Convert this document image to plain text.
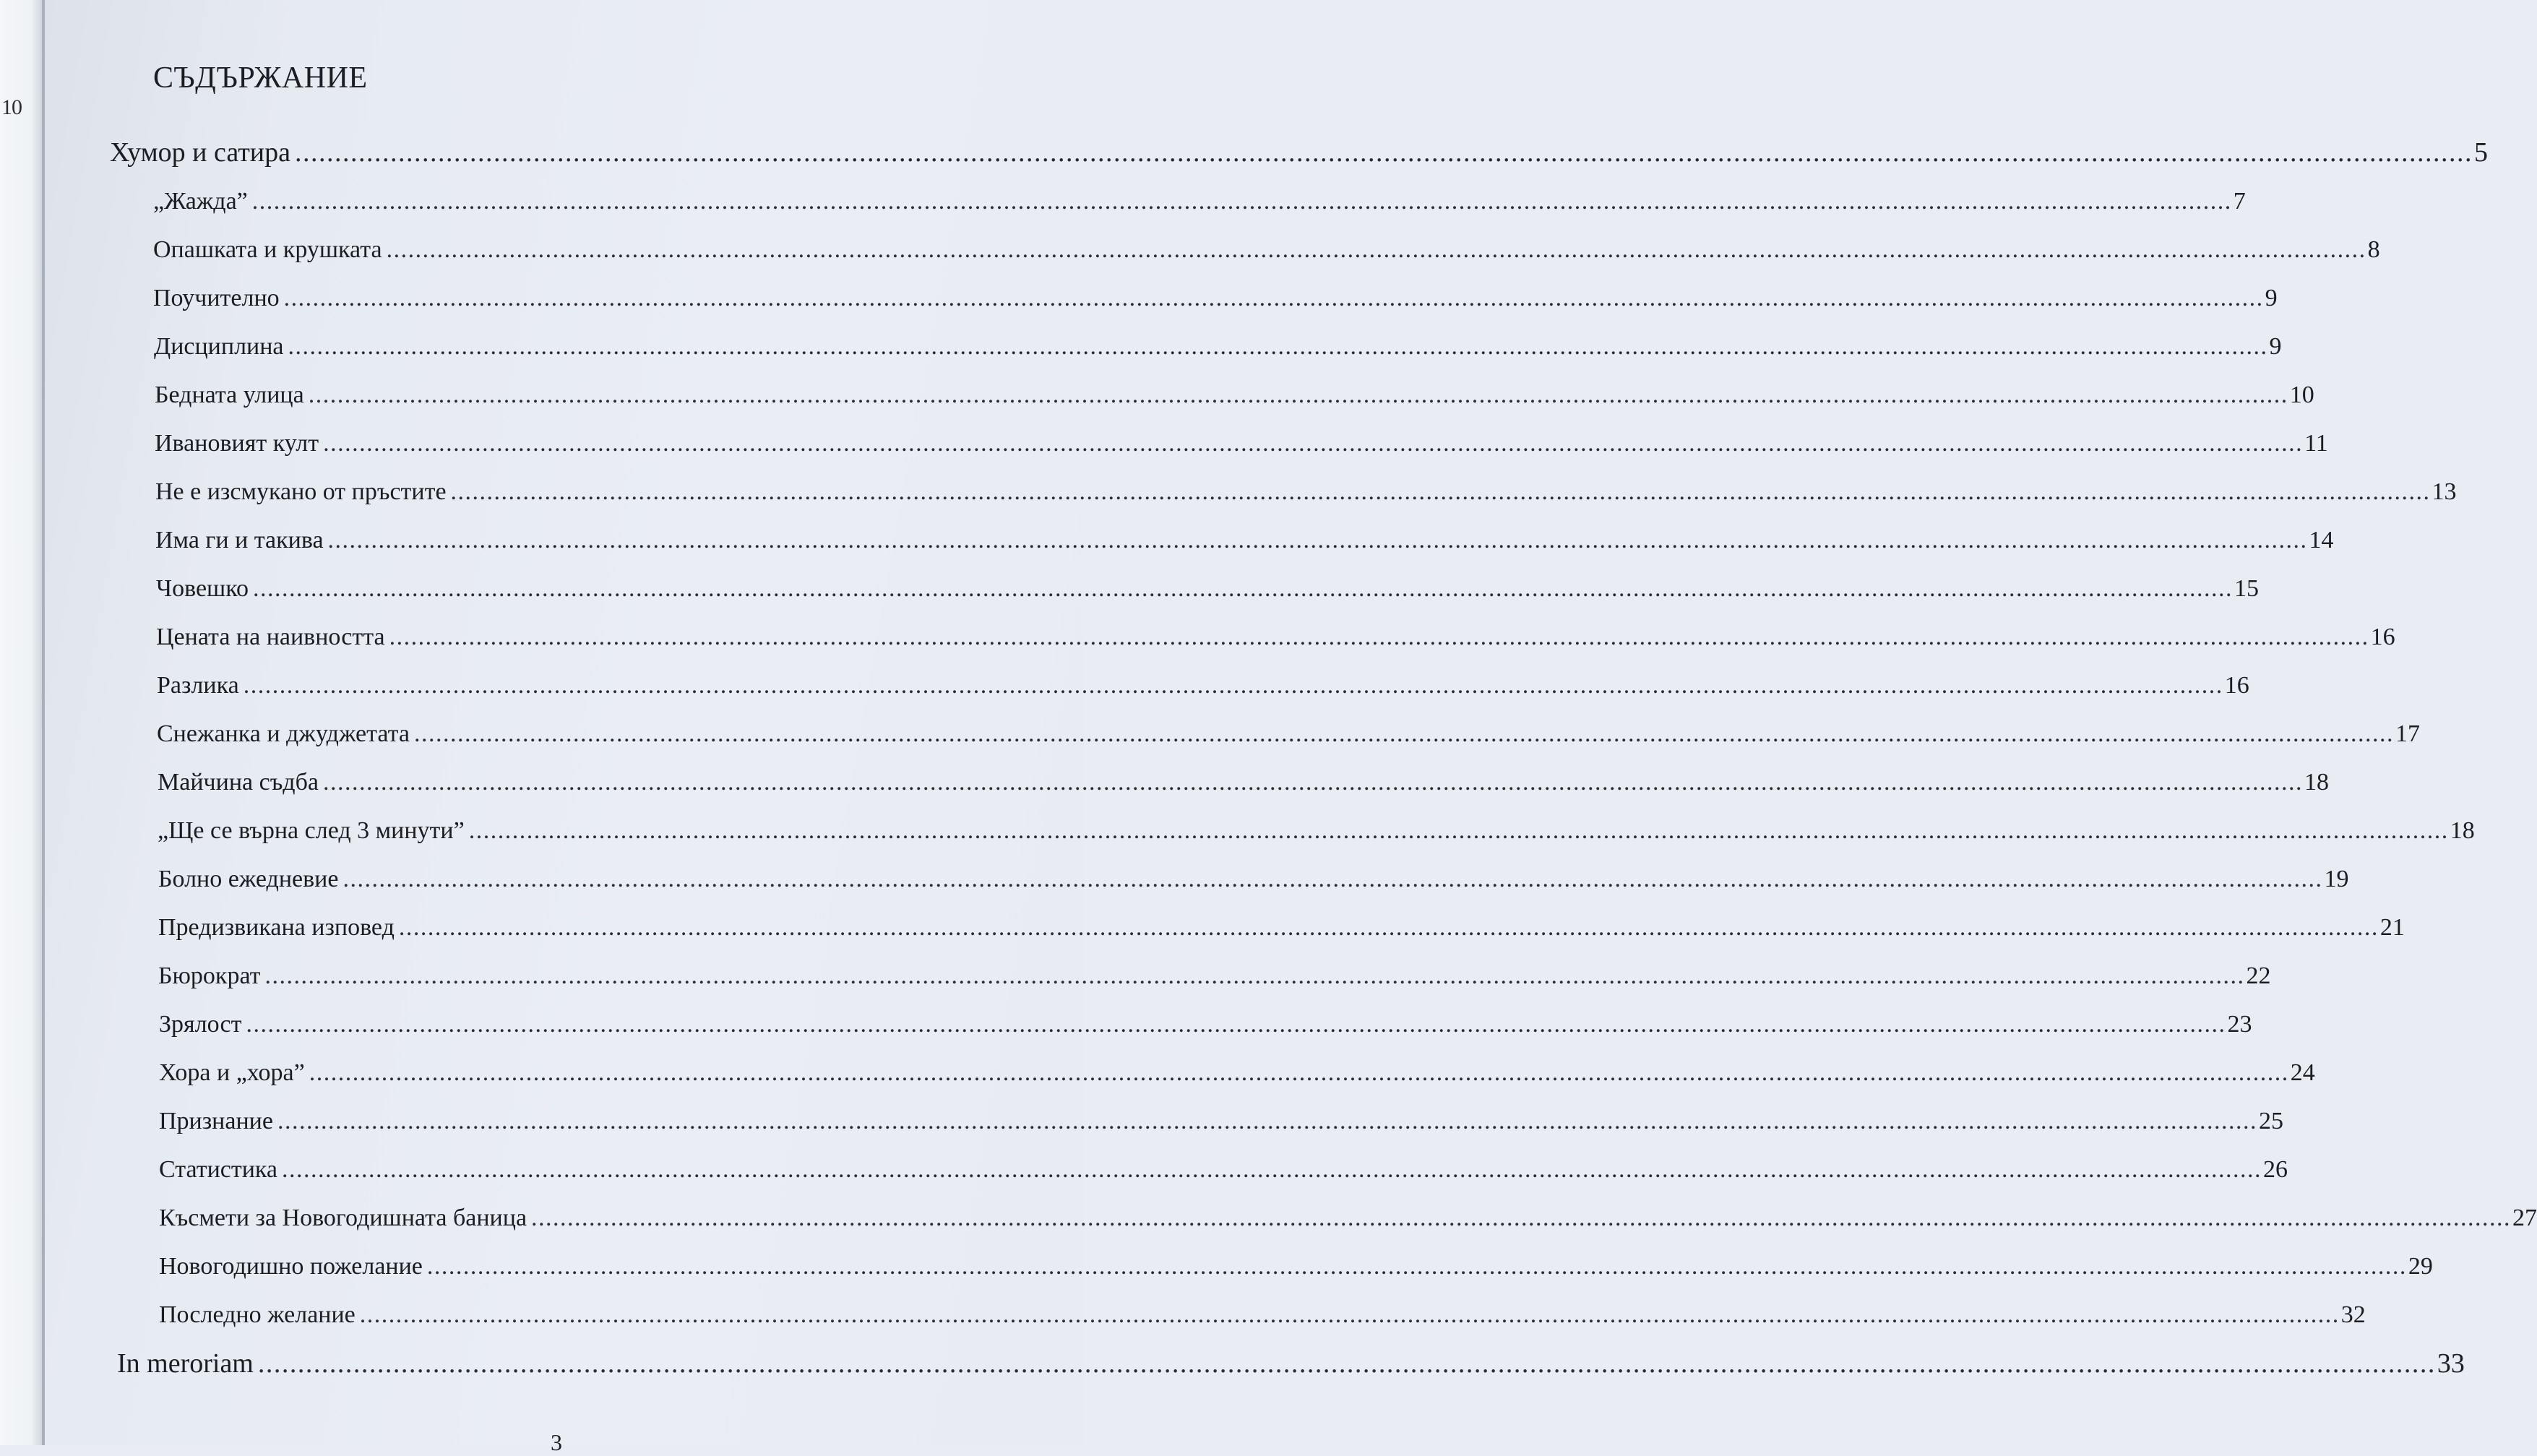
10
СЪДЪРЖАНИЕ
Хумор и сатира .....	5
„Жажда” .....	7
Опашката и крушката .....	8
Поучително .....	9
Дисциплина .....	9
Бедната улица .....	10
Ивановият култ .....	11
Не е изсмукано от пръстите .....	13
Има ги и такива .....	14
Човешко .....	15
Цената на наивността .....	16
Разлика .....	16
Снежанка и джуджетата .....	17
Майчина съдба .....	18
„Ще се върна след 3 минути” .....	18
Болно ежедневие .....	19
Предизвикана изповед .....	21
Бюрократ .....	22
Зрялост .....	23
Хора и „хора” .....	24
Признание .....	25
Статистика .....	26
Късмети за Новогодишната баница .....	27
Новогодишно пожелание .....	29
Последно желание .....	32
In meroriam .....	33
3
